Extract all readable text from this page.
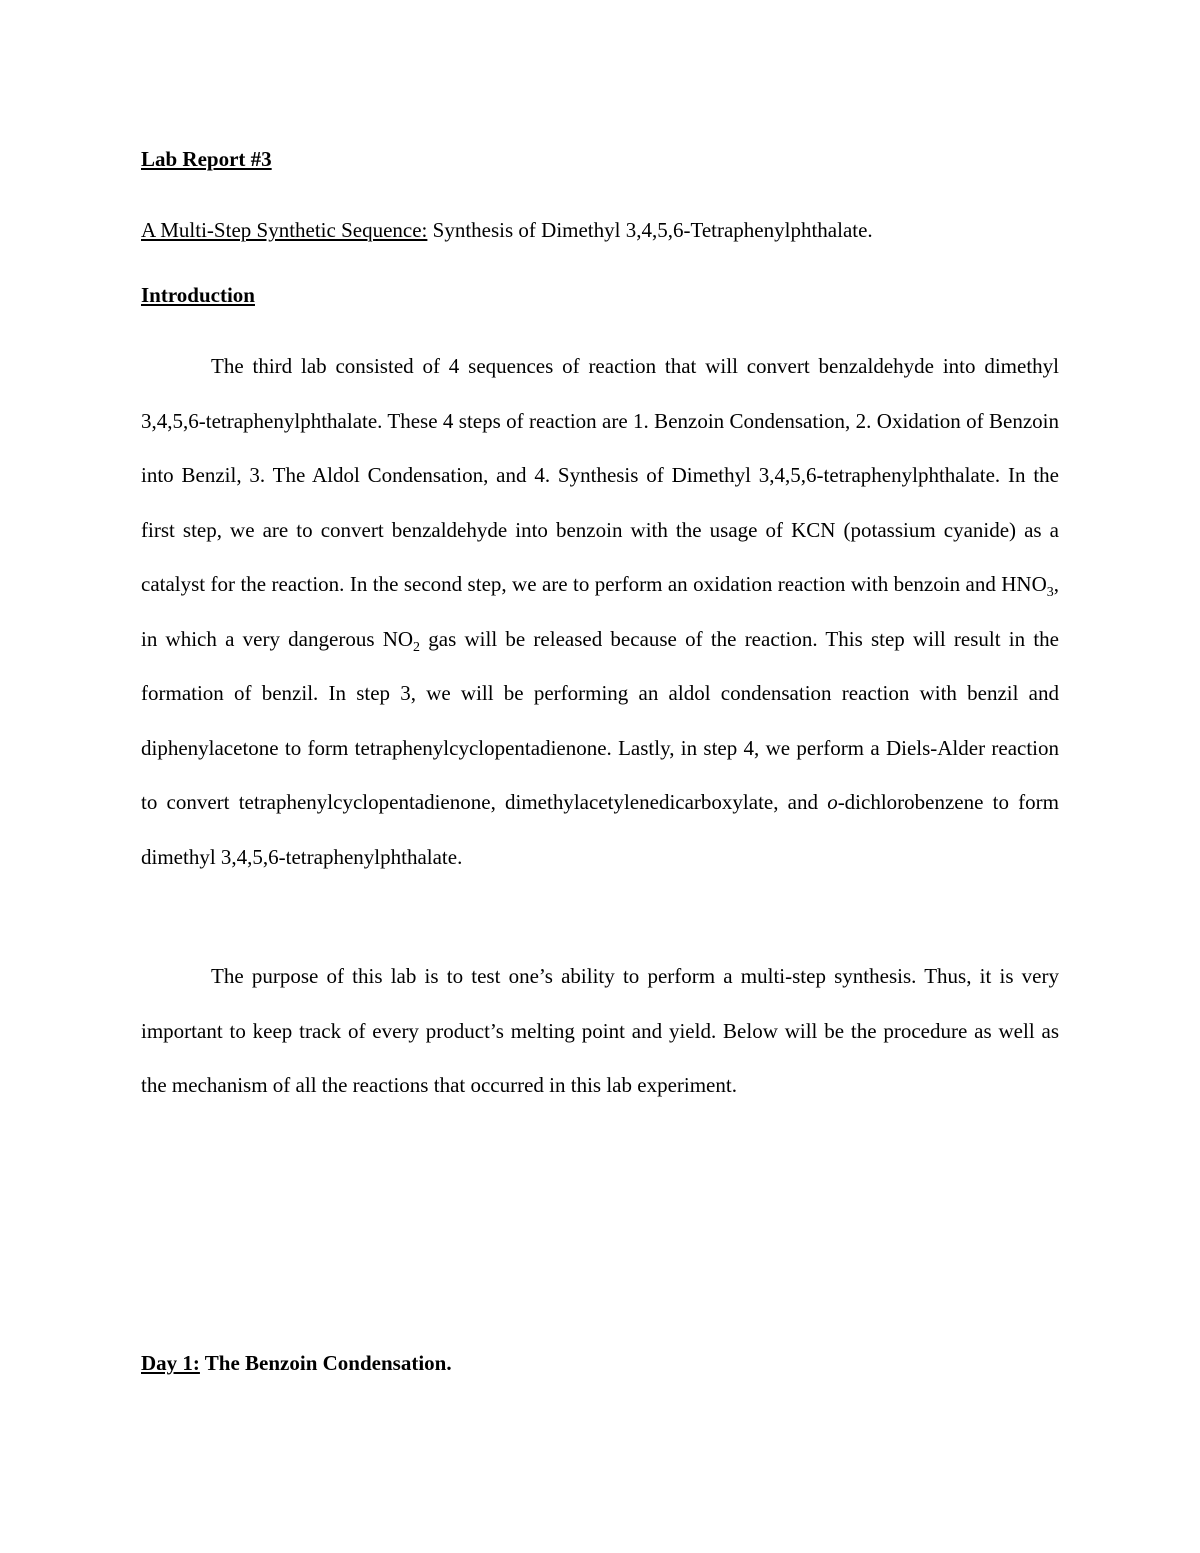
Lab Report #3
A Multi-Step Synthetic Sequence: Synthesis of Dimethyl 3,4,5,6-Tetraphenylphthalate.
Introduction

The third lab consisted of 4 sequences of reaction that will convert benzaldehyde into dimethyl 3,4,5,6-tetraphenylphthalate. These 4 steps of reaction are 1. Benzoin Condensation, 2. Oxidation of Benzoin into Benzil, 3. The Aldol Condensation, and 4. Synthesis of Dimethyl 3,4,5,6-tetraphenylphthalate. In the first step, we are to convert benzaldehyde into benzoin with the usage of KCN (potassium cyanide) as a catalyst for the reaction. In the second step, we are to perform an oxidation reaction with benzoin and $HNO_3$, in which a very dangerous $NO_2$ gas will be released because of the reaction. This step will result in the formation of benzil. In step 3, we will be performing an aldol condensation reaction with benzil and diphenylacetone to form tetraphenylcyclopentadienone. Lastly, in step 4, we perform a Diels-Alder reaction to convert tetraphenylcyclopentadienone, dimethylacetylenedicarboxylate, and o-dichlorobenzene to form dimethyl 3,4,5,6-tetraphenylphthalate.

The purpose of this lab is to test one’s ability to perform a multi-step synthesis. Thus, it is very important to keep track of every product’s melting point and yield. Below will be the procedure as well as the mechanism of all the reactions that occurred in this lab experiment.

Day 1: The Benzoin Condensation.
